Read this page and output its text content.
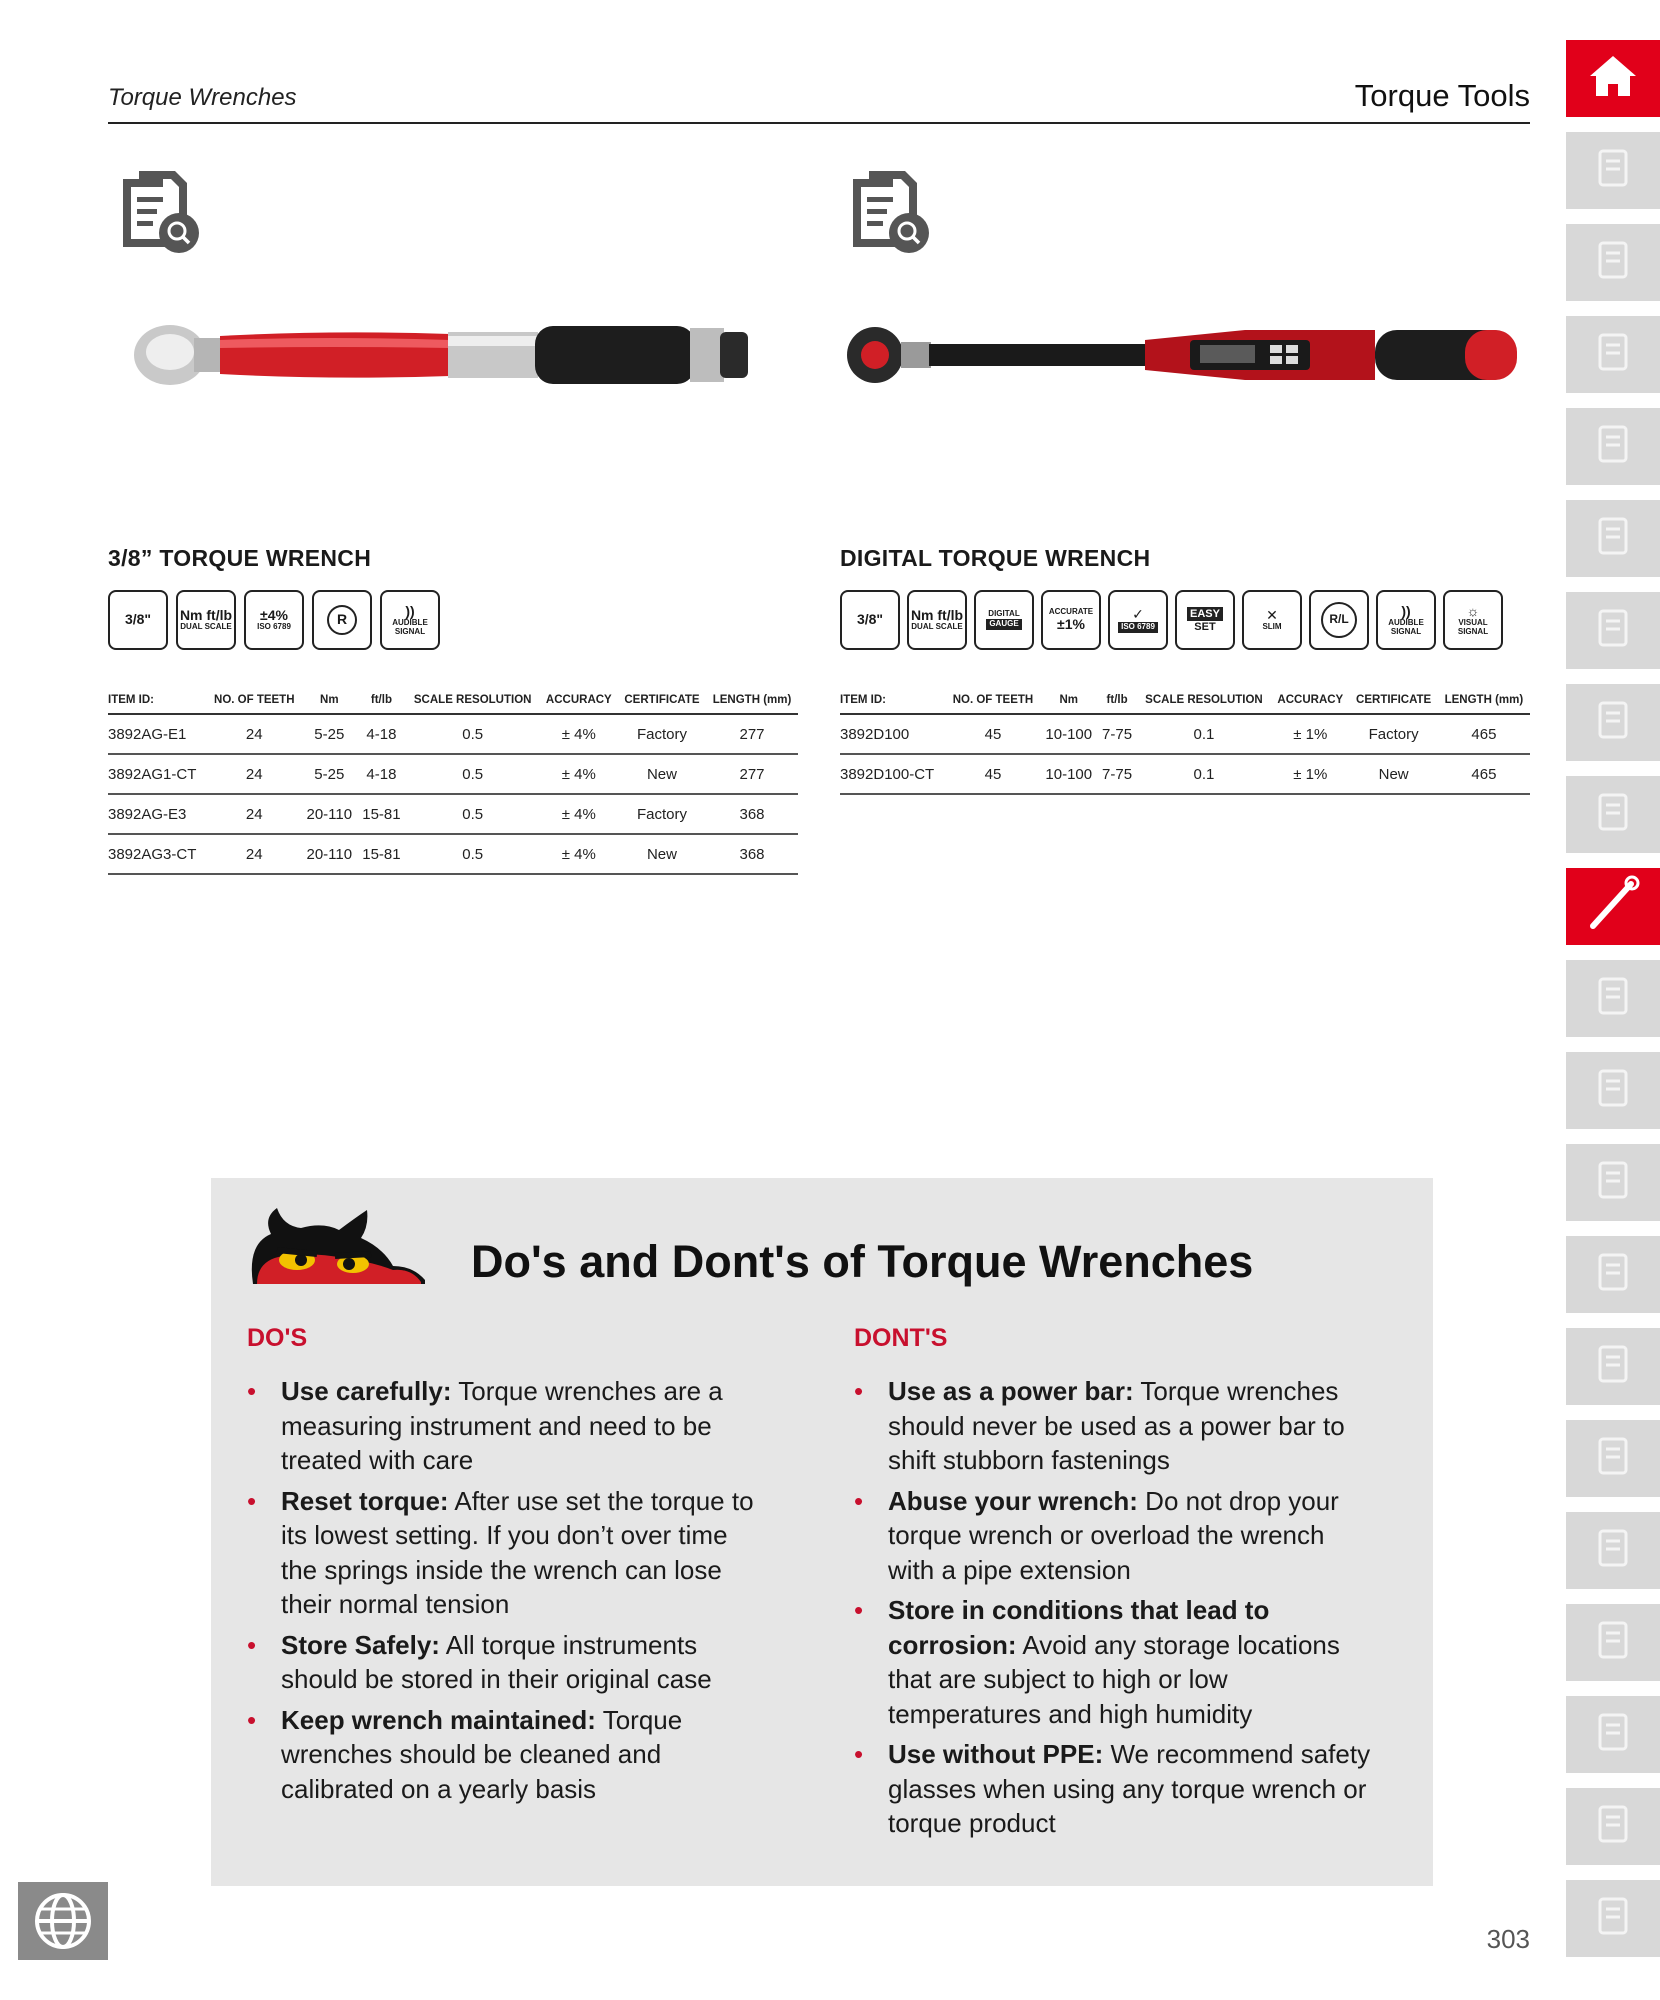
Torque Wrenches	Torque Tools
3/8” TORQUE WRENCH
3/8" Nm ft/lb
DUAL SCALE
±4%
ISO 6789	R
))
AUDIBLE SIGNAL
ITEM ID:	NO. OF TEETH	Nm	ft/lb	SCALE RESOLUTION	ACCURACY	CERTIFICATE	LENGTH (mm)
3892AG-E1	24	5-25	4-18	0.5	± 4%	Factory	277
3892AG1-CT	24	5-25	4-18	0.5	± 4%	New	277
3892AG-E3	24	20-110	15-81	0.5	± 4%	Factory	368
3892AG3-CT	24	20-110	15-81	0.5	± 4%	New	368
DIGITAL TORQUE WRENCH
3/8" Nm ft/lb
DUAL SCALE
DIGITAL
GAUGE
ACCURATE
±1%
✓
ISO 6789
EASY
SET
✕
SLIM
R/L
))
AUDIBLE SIGNAL
☼
VISUAL SIGNAL
ITEM ID:	NO. OF TEETH	Nm	ft/lb	SCALE RESOLUTION	ACCURACY	CERTIFICATE	LENGTH (mm)
3892D100	45	10-100	7-75	0.1	± 1%	Factory	465
3892D100-CT	45	10-100	7-75	0.1	± 1%	New	465
Do's and Dont's of Torque Wrenches
DO'S	DONT'S
• Use carefully: Torque wrenches are a measuring instrument and need to be treated with care
• Reset torque: After use set the torque to its lowest setting. If you don’t over time the springs inside the wrench can lose their normal tension
• Store Safely: All torque instruments should be stored in their original case
• Keep wrench maintained: Torque wrenches should be cleaned and calibrated on a yearly basis
• Use as a power bar: Torque wrenches should never be used as a power bar to shift stubborn fastenings
• Abuse your wrench: Do not drop your torque wrench or overload the wrench with a pipe extension
• Store in conditions that lead to corrosion: Avoid any storage locations that are subject to high or low temperatures and high humidity
• Use without PPE: We recommend safety glasses when using any torque wrench or torque product
303
